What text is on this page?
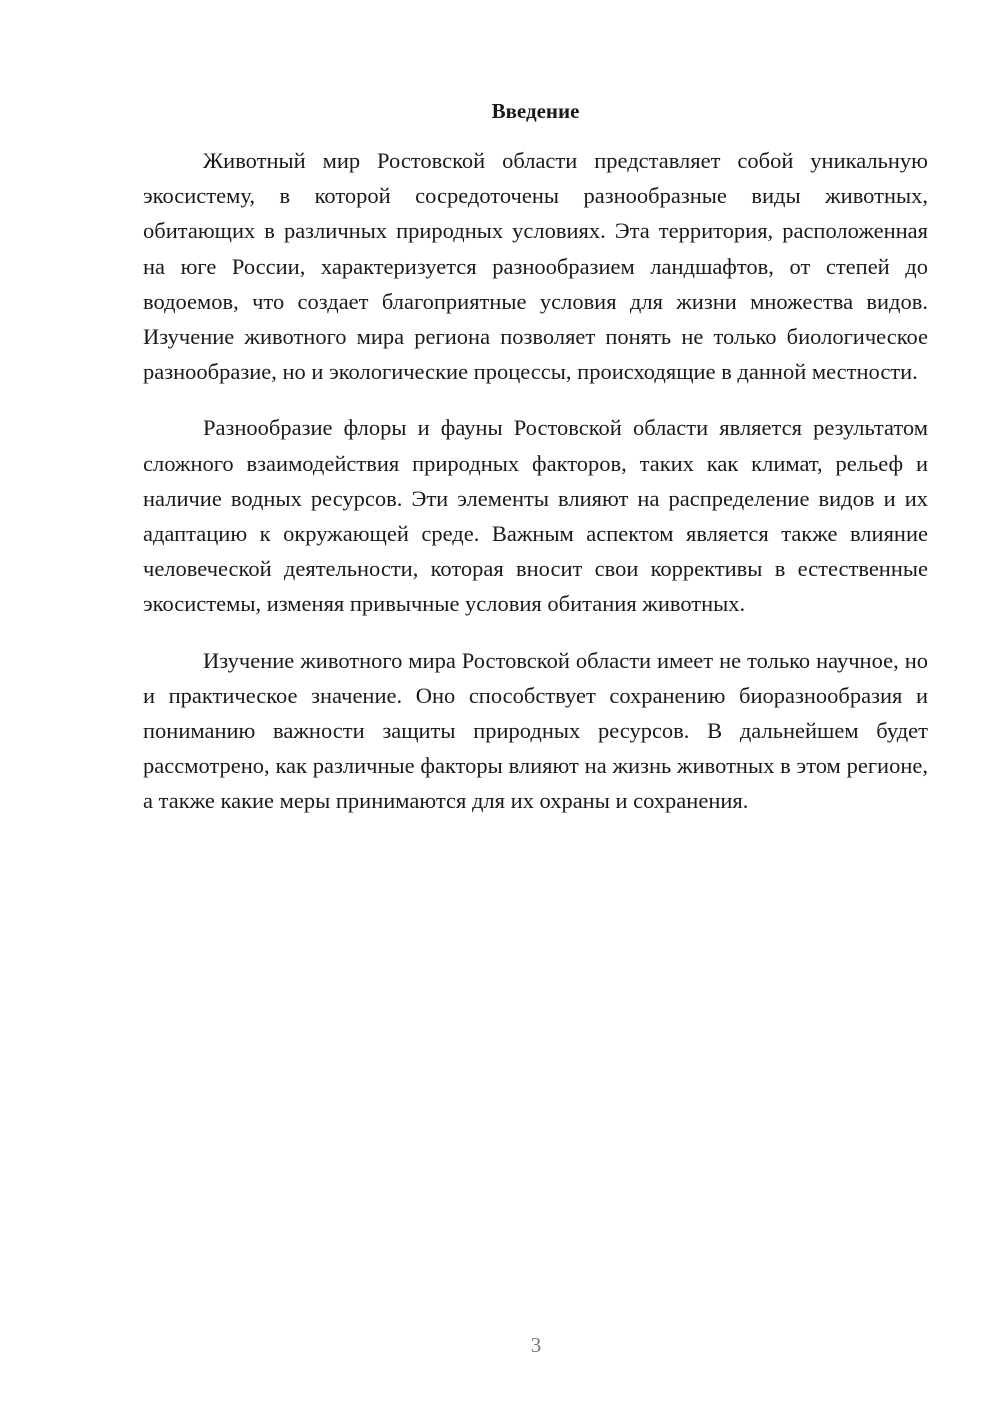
Введение

Животный мир Ростовской области представляет собой уникальную экосистему, в которой сосредоточены разнообразные виды животных, обитающих в различных природных условиях. Эта территория, расположенная на юге России, характеризуется разнообразием ландшафтов, от степей до водоемов, что создает благоприятные условия для жизни множества видов. Изучение животного мира региона позволяет понять не только биологическое разнообразие, но и экологические процессы, происходящие в данной местности.

Разнообразие флоры и фауны Ростовской области является результатом сложного взаимодействия природных факторов, таких как климат, рельеф и наличие водных ресурсов. Эти элементы влияют на распределение видов и их адаптацию к окружающей среде. Важным аспектом является также влияние человеческой деятельности, которая вносит свои коррективы в естественные экосистемы, изменяя привычные условия обитания животных.

Изучение животного мира Ростовской области имеет не только научное, но и практическое значение. Оно способствует сохранению биоразнообразия и пониманию важности защиты природных ресурсов. В дальнейшем будет рассмотрено, как различные факторы влияют на жизнь животных в этом регионе, а также какие меры принимаются для их охраны и сохранения.

3
